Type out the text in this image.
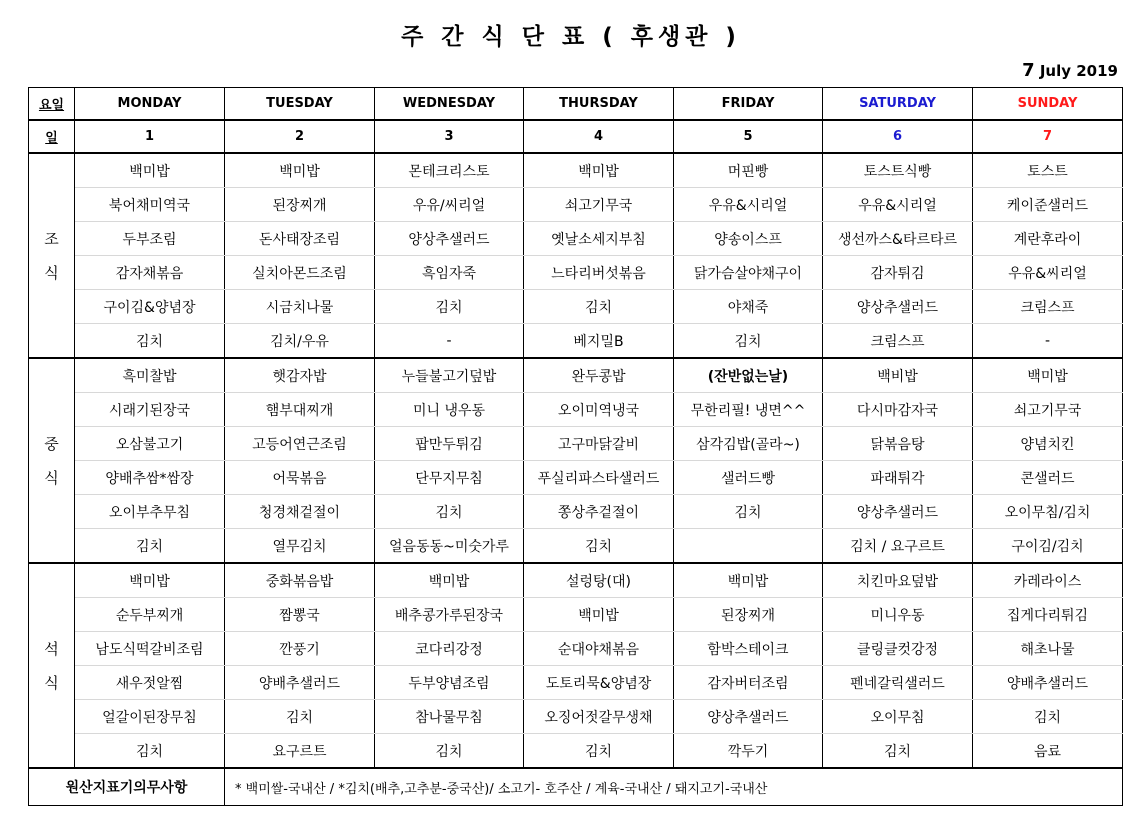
주 간 식 단 표 ( 후생관 )
7 July 2019
요일	MONDAY	TUESDAY	WEDNESDAY	THURSDAY	FRIDAY	SATURDAY	SUNDAY
일	1	2	3	4	5	6	7

조
식	백미밥	백미밥	몬테크리스토	백미밥	머핀빵	토스트식빵	토스트
	북어채미역국	된장찌개	우유/씨리얼	쇠고기무국	우유&시리얼	우유&시리얼	케이준샐러드
	두부조림	돈사태장조림	양상추샐러드	옛날소세지부침	양송이스프	생선까스&타르타르	계란후라이
	감자채볶음	실치아몬드조림	흑임자죽	느타리버섯볶음	닭가슴살야채구이	감자튀김	우유&씨리얼
	구이김&양념장	시금치나물	김치	김치	야채죽	양상추샐러드	크림스프
	김치	김치/우유	-	베지밀B	김치	크림스프	-

중
식	흑미찰밥	햇감자밥	누들불고기덮밥	완두콩밥	(잔반없는날)	백비밥	백미밥
	시래기된장국	햄부대찌개	미니 냉우동	오이미역냉국	무한리필! 냉면^^	다시마감자국	쇠고기무국
	오삼불고기	고등어연근조림	팝만두튀김	고구마닭갈비	삼각김밥(골라~)	닭볶음탕	양념치킨
	양배추쌈*쌈장	어묵볶음	단무지무침	푸실리파스타샐러드	샐러드빵	파래튀각	콘샐러드
	오이부추무침	청경채겉절이	김치	쫑상추겉절이	김치	양상추샐러드	오이무침/김치
	김치	열무김치	얼음동동~미숫가루	김치		김치 / 요구르트	구이김/김치

석
식	백미밥	중화볶음밥	백미밥	설렁탕(대)	백미밥	치킨마요덮밥	카레라이스
	순두부찌개	짬뽕국	배추콩가루된장국	백미밥	된장찌개	미니우동	집게다리튀김
	남도식떡갈비조림	깐풍기	코다리강정	순대야채볶음	함박스테이크	클링클컷강정	해초나물
	새우젓알찜	양배추샐러드	두부양념조림	도토리묵&양념장	감자버터조림	펜네갈릭샐러드	양배추샐러드
	얼갈이된장무침	김치	참나물무침	오징어젓갈무생채	양상추샐러드	오이무침	김치
	김치	요구르트	김치	김치	깍두기	김치	음료
원산지표기의무사항		* 백미쌀-국내산 / *김치(배추,고추분-중국산)/ 소고기- 호주산 / 계육-국내산 / 돼지고기-국내산					
